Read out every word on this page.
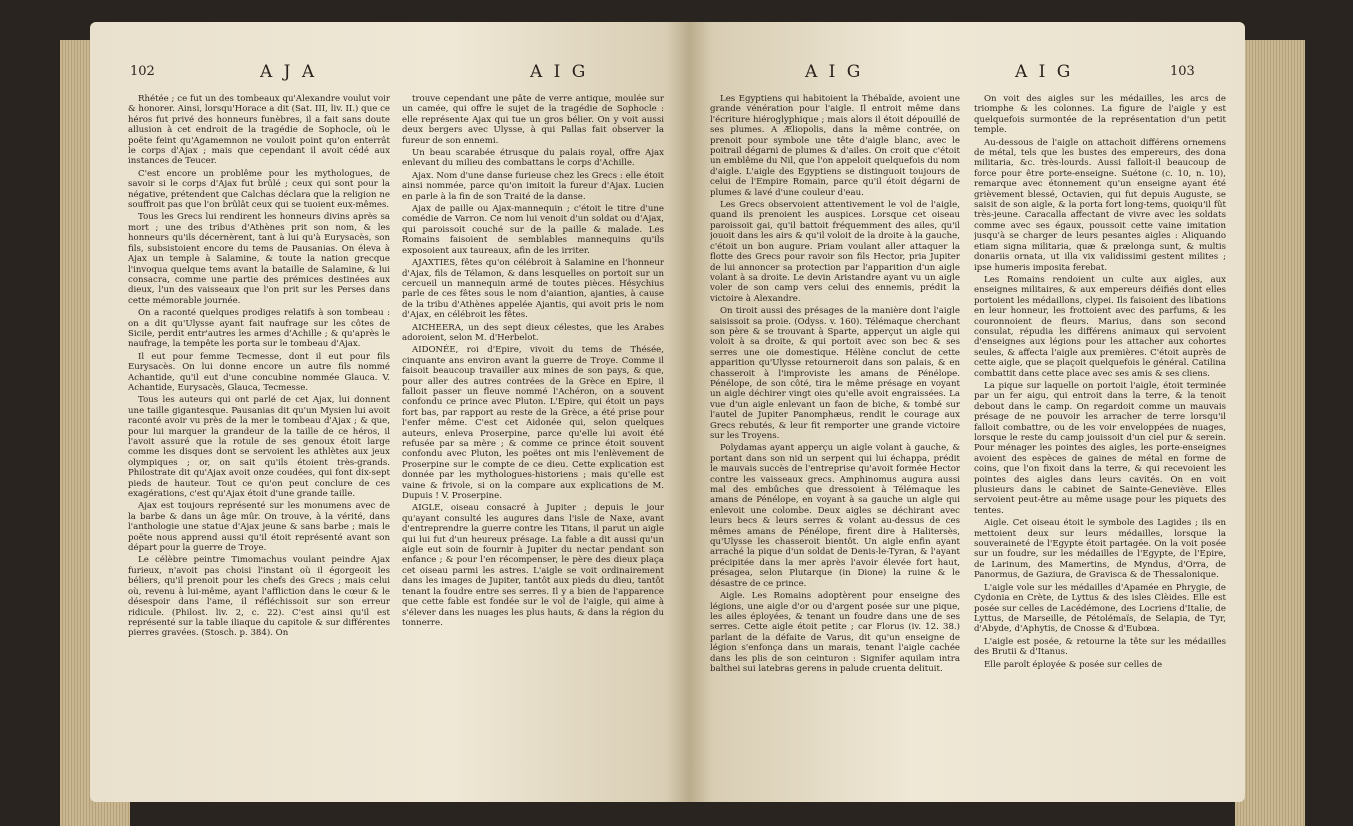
102	A J A	A I G

Rhétée ; ce fut un des tombeaux qu'Alexandre voulut voir & honorer. Ainsi, lorsqu'Horace a dit (Sat. III, liv. II.) que ce héros fut privé des honneurs funèbres, il a fait sans doute allusion à cet endroit de la tragédie de Sophocle, où le poëte feint qu'Agamemnon ne vouloit point qu'on enterrât le corps d'Ajax ; mais que cependant il avoit cédé aux instances de Teucer.

C'est encore un problême pour les mythologues, de savoir si le corps d'Ajax fut brûlé ; ceux qui sont pour la négative, prétendent que Calchas déclara que la religion ne souffroit pas que l'on brûlât ceux qui se tuoient eux-mêmes.

Tous les Grecs lui rendirent les honneurs divins après sa mort ; une des tribus d'Athènes prit son nom, & les honneurs qu'ils décernèrent, tant à lui qu'à Eurysacès, son fils, subsistoient encore du tems de Pausanias. On éleva à Ajax un temple à Salamine, & toute la nation grecque l'invoqua quelque tems avant la bataille de Salamine, & lui consacra, comme une partie des prémices destinées aux dieux, l'un des vaisseaux que l'on prit sur les Perses dans cette mémorable journée.

On a raconté quelques prodiges relatifs à son tombeau : on a dit qu'Ulysse ayant fait naufrage sur les côtes de Sicile, perdit entr'autres les armes d'Achille ; & qu'après le naufrage, la tempête les porta sur le tombeau d'Ajax.

Il eut pour femme Tecmesse, dont il eut pour fils Eurysacès. On lui donne encore un autre fils nommé Achantide, qu'il eut d'une concubine nommée Glauca. V. Achantide, Eurysacès, Glauca, Tecmesse.

Tous les auteurs qui ont parlé de cet Ajax, lui donnent une taille gigantesque. Pausanias dit qu'un Mysien lui avoit raconté avoir vu près de la mer le tombeau d'Ajax ; & que, pour lui marquer la grandeur de la taille de ce héros, il l'avoit assuré que la rotule de ses genoux étoit large comme les disques dont se servoient les athlètes aux jeux olympiques ; or, on sait qu'ils étoient très-grands. Philostrate dit qu'Ajax avoit onze coudées, qui font dix-sept pieds de hauteur. Tout ce qu'on peut conclure de ces exagérations, c'est qu'Ajax étoit d'une grande taille.

Ajax est toujours représenté sur les monumens avec de la barbe & dans un âge mûr. On trouve, à la vérité, dans l'anthologie une statue d'Ajax jeune & sans barbe ; mais le poëte nous apprend aussi qu'il étoit représenté avant son départ pour la guerre de Troye.

Le célèbre peintre Timomachus voulant peindre Ajax furieux, n'avoit pas choisi l'instant où il égorgeoit les béliers, qu'il prenoit pour les chefs des Grecs ; mais celui où, revenu à lui-même, ayant l'affliction dans le cœur & le désespoir dans l'ame, il réfléchissoit sur son erreur ridicule. (Philost. liv. 2, c. 22). C'est ainsi qu'il est représenté sur la table iliaque du capitole & sur différentes pierres gravées. (Stosch. p. 384). On

trouve cependant une pâte de verre antique, moulée sur un camée, qui offre le sujet de la tragédie de Sophocle : elle représente Ajax qui tue un gros bélier. On y voit aussi deux bergers avec Ulysse, à qui Pallas fait observer la fureur de son ennemi.

Un beau scarabée étrusque du palais royal, offre Ajax enlevant du milieu des combattans le corps d'Achille.

Ajax. Nom d'une danse furieuse chez les Grecs : elle étoit ainsi nommée, parce qu'on imitoit la fureur d'Ajax. Lucien en parle à la fin de son Traité de la danse.

Ajax de paille ou Ajax-mannequin ; c'étoit le titre d'une comédie de Varron. Ce nom lui venoit d'un soldat ou d'Ajax, qui paroissoit couché sur de la paille & malade. Les Romains faisoient de semblables mannequins qu'ils exposoient aux taureaux, afin de les irriter.

AJAXTIES, fêtes qu'on célébroit à Salamine en l'honneur d'Ajax, fils de Télamon, & dans lesquelles on portoit sur un cercueil un mannequin armé de toutes pièces. Hésychius parle de ces fêtes sous le nom d'aiantion, ajanties, à cause de la tribu d'Athènes appelée Ajantis, qui avoit pris le nom d'Ajax, en célébroit les fêtes.

AICHEERA, un des sept dieux célestes, que les Arabes adoroient, selon M. d'Herbelot.

AIDONÉE, roi d'Epire, vivoit du tems de Thésée, cinquante ans environ avant la guerre de Troye. Comme il faisoit beaucoup travailler aux mines de son pays, & que, pour aller des autres contrées de la Grèce en Epire, il falloit passer un fleuve nommé l'Achéron, on a souvent confondu ce prince avec Pluton. L'Epire, qui étoit un pays fort bas, par rapport au reste de la Grèce, a été prise pour l'enfer même. C'est cet Aidonée qui, selon quelques auteurs, enleva Proserpine, parce qu'elle lui avoit été refusée par sa mère ; & comme ce prince étoit souvent confondu avec Pluton, les poëtes ont mis l'enlèvement de Proserpine sur le compte de ce dieu. Cette explication est donnée par les mythologues-historiens ; mais qu'elle est vaine & frivole, si on la compare aux explications de M. Dupuis ! V. Proserpine.

AIGLE, oiseau consacré à Jupiter ; depuis le jour qu'ayant consulté les augures dans l'isle de Naxe, avant d'entreprendre la guerre contre les Titans, il parut un aigle qui lui fut d'un heureux présage. La fable a dit aussi qu'un aigle eut soin de fournir à Jupiter du nectar pendant son enfance ; & pour l'en récompenser, le père des dieux plaça cet oiseau parmi les astres. L'aigle se voit ordinairement dans les images de Jupiter, tantôt aux pieds du dieu, tantôt tenant la foudre entre ses serres. Il y a bien de l'apparence que cette fable est fondée sur le vol de l'aigle, qui aime à s'élever dans les nuages les plus hauts, & dans la région du tonnerre.

A I G	A I G	103

Les Egyptiens qui habitoient la Thébaïde, avoient une grande vénération pour l'aigle. Il entroit même dans l'écriture hiéroglyphique ; mais alors il étoit dépouillé de ses plumes. A Æliopolis, dans la même contrée, on prenoit pour symbole une tête d'aigle blanc, avec le poitrail dégarni de plumes & d'ailes. On croit que c'étoit un emblême du Nil, que l'on appeloit quelquefois du nom d'aigle. L'aigle des Egyptiens se distinguoit toujours de celui de l'Empire Romain, parce qu'il étoit dégarni de plumes & lavé d'une couleur d'eau.

Les Grecs observoient attentivement le vol de l'aigle, quand ils prenoient les auspices. Lorsque cet oiseau paroissoit gai, qu'il battoit fréquemment des ailes, qu'il jouoit dans les airs & qu'il voloit de la droite à la gauche, c'étoit un bon augure. Priam voulant aller attaquer la flotte des Grecs pour ravoir son fils Hector, pria Jupiter de lui annoncer sa protection par l'apparition d'un aigle volant à sa droite. Le devin Aristandre ayant vu un aigle voler de son camp vers celui des ennemis, prédit la victoire à Alexandre.

On tiroit aussi des présages de la manière dont l'aigle saisissoit sa proie. (Odyss. v. 160). Télémaque cherchant son père & se trouvant à Sparte, apperçut un aigle qui voloit à sa droite, & qui portoit avec son bec & ses serres une oie domestique. Hélène conclut de cette apparition qu'Ulysse retourneroit dans son palais, & en chasseroit à l'improviste les amans de Pénélope. Pénélope, de son côté, tira le même présage en voyant un aigle déchirer vingt oies qu'elle avoit engraissées. La vue d'un aigle enlevant un faon de biche, & tombé sur l'autel de Jupiter Panomphæus, rendit le courage aux Grecs rebutés, & leur fit remporter une grande victoire sur les Troyens.

Polydamas ayant apperçu un aigle volant à gauche, & portant dans son nid un serpent qui lui échappa, prédit le mauvais succès de l'entreprise qu'avoit formée Hector contre les vaisseaux grecs. Amphinomus augura aussi mal des embûches que dressoient à Télémaque les amans de Pénélope, en voyant à sa gauche un aigle qui enlevoit une colombe. Deux aigles se déchirant avec leurs becs & leurs serres & volant au-dessus de ces mêmes amans de Pénélope, firent dire à Halitersès, qu'Ulysse les chasseroit bientôt. Un aigle enfin ayant arraché la pique d'un soldat de Denis-le-Tyran, & l'ayant précipitée dans la mer après l'avoir élevée fort haut, présagea, selon Plutarque (in Dione) la ruine & le désastre de ce prince.

Aigle. Les Romains adoptèrent pour enseigne des légions, une aigle d'or ou d'argent posée sur une pique, les ailes éployées, & tenant un foudre dans une de ses serres. Cette aigle étoit petite ; car Florus (iv. 12. 38.) parlant de la défaite de Varus, dit qu'un enseigne de légion s'enfonça dans un marais, tenant l'aigle cachée dans les plis de son ceinturon : Signifer aquilam intra balthei sui latebras gerens in palude cruenta delituit.

On voit des aigles sur les médailles, les arcs de triomphe & les colonnes. La figure de l'aigle y est quelquefois surmontée de la représentation d'un petit temple.

Au-dessous de l'aigle on attachoit différens ornemens de métal, tels que les bustes des empereurs, des dona militaria, &c. très-lourds. Aussi falloit-il beaucoup de force pour être porte-enseigne. Suétone (c. 10, n. 10), remarque avec étonnement qu'un enseigne ayant été grièvement blessé, Octavien, qui fut depuis Auguste, se saisit de son aigle, & la porta fort long-tems, quoiqu'il fût très-jeune. Caracalla affectant de vivre avec les soldats comme avec ses égaux, poussoit cette vaine imitation jusqu'à se charger de leurs pesantes aigles : Aliquando etiam signa militaria, quæ & prælonga sunt, & multis donariis ornata, ut illa vix validissimi gestent milites ; ipse humeris imposita ferebat.

Les Romains rendoient un culte aux aigles, aux enseignes militaires, & aux empereurs déifiés dont elles portoient les médaillons, clypei. Ils faisoient des libations en leur honneur, les frottoient avec des parfums, & les couronnoient de fleurs. Marius, dans son second consulat, répudia les différens animaux qui servoient d'enseignes aux légions pour les attacher aux cohortes seules, & affecta l'aigle aux premières. C'étoit auprès de cette aigle, que se plaçoit quelquefois le général. Catilina combattit dans cette place avec ses amis & ses cliens.

La pique sur laquelle on portoit l'aigle, étoit terminée par un fer aigu, qui entroit dans la terre, & la tenoit debout dans le camp. On regardoit comme un mauvais présage de ne pouvoir les arracher de terre lorsqu'il falloit combattre, ou de les voir enveloppées de nuages, lorsque le reste du camp jouissoit d'un ciel pur & serein. Pour ménager les pointes des aigles, les porte-enseignes avoient des espèces de gaines de métal en forme de coins, que l'on fixoit dans la terre, & qui recevoient les pointes des aigles dans leurs cavités. On en voit plusieurs dans le cabinet de Sainte-Geneviève. Elles servoient peut-être au même usage pour les piquets des tentes.

Aigle. Cet oiseau étoit le symbole des Lagides ; ils en mettoient deux sur leurs médailles, lorsque la souveraineté de l'Egypte étoit partagée. On la voit posée sur un foudre, sur les médailles de l'Egypte, de l'Epire, de Larinum, des Mamertins, de Myndus, d'Orra, de Panormus, de Gaziura, de Gravisca & de Thessalonique.

L'aigle vole sur les médailles d'Apamée en Phrygie, de Cydonia en Crète, de Lyttus & des isles Clèides. Elle est posée sur celles de Lacédémone, des Locriens d'Italie, de Lyttus, de Marseille, de Pétolémaïs, de Selapia, de Tyr, d'Abyde, d'Aphytis, de Cnosse & d'Eubœa.

L'aigle est posée, & retourne la tête sur les médailles des Brutii & d'Itanus.

Elle paroît éployée & posée sur celles de
